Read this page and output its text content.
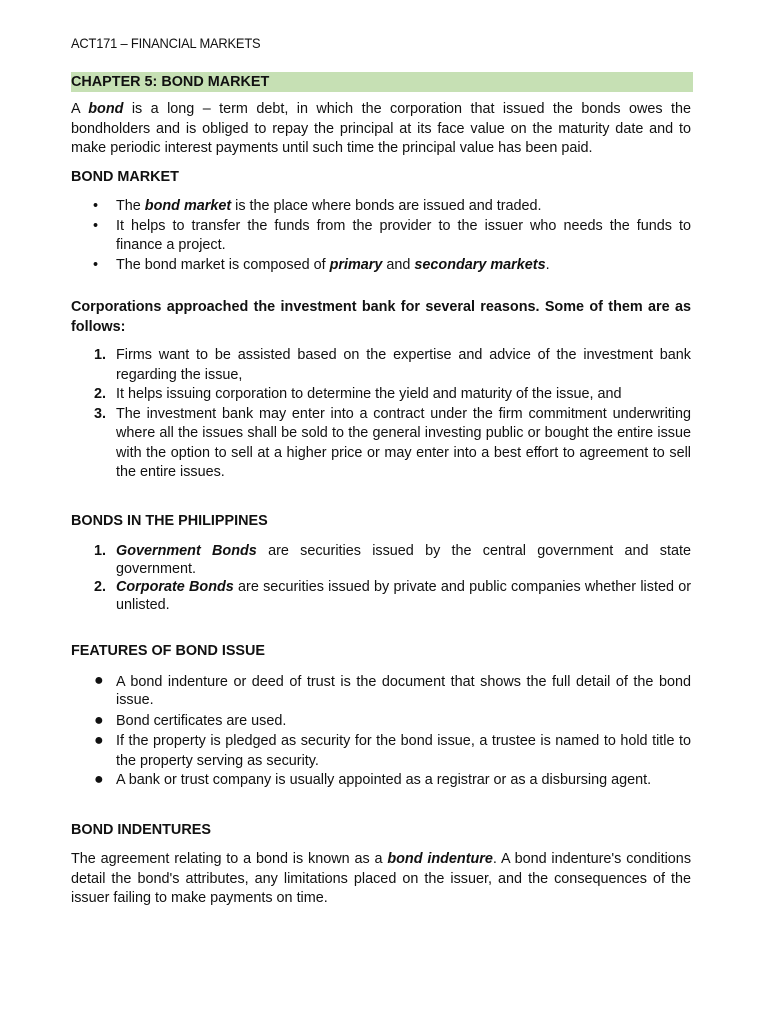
ACT171 – FINANCIAL MARKETS
CHAPTER 5: BOND MARKET

A bond is a long – term debt, in which the corporation that issued the bonds owes the bondholders and is obliged to repay the principal at its face value on the maturity date and to make periodic interest payments until such time the principal value has been paid.

BOND MARKET

• The bond market is the place where bonds are issued and traded.
• It helps to transfer the funds from the provider to the issuer who needs the funds to finance a project.
• The bond market is composed of primary and secondary markets.

Corporations approached the investment bank for several reasons. Some of them are as follows:

1. Firms want to be assisted based on the expertise and advice of the investment bank regarding the issue,
2. It helps issuing corporation to determine the yield and maturity of the issue, and
3. The investment bank may enter into a contract under the firm commitment underwriting where all the issues shall be sold to the general investing public or bought the entire issue with the option to sell at a higher price or may enter into a best effort to agreement to sell the entire issues.

BONDS IN THE PHILIPPINES

1. Government Bonds are securities issued by the central government and state government.
2. Corporate Bonds are securities issued by private and public companies whether listed or unlisted.

FEATURES OF BOND ISSUE

● A bond indenture or deed of trust is the document that shows the full detail of the bond issue.
● Bond certificates are used.
● If the property is pledged as security for the bond issue, a trustee is named to hold title to the property serving as security.
● A bank or trust company is usually appointed as a registrar or as a disbursing agent.

BOND INDENTURES

The agreement relating to a bond is known as a bond indenture. A bond indenture's conditions detail the bond's attributes, any limitations placed on the issuer, and the consequences of the issuer failing to make payments on time.
